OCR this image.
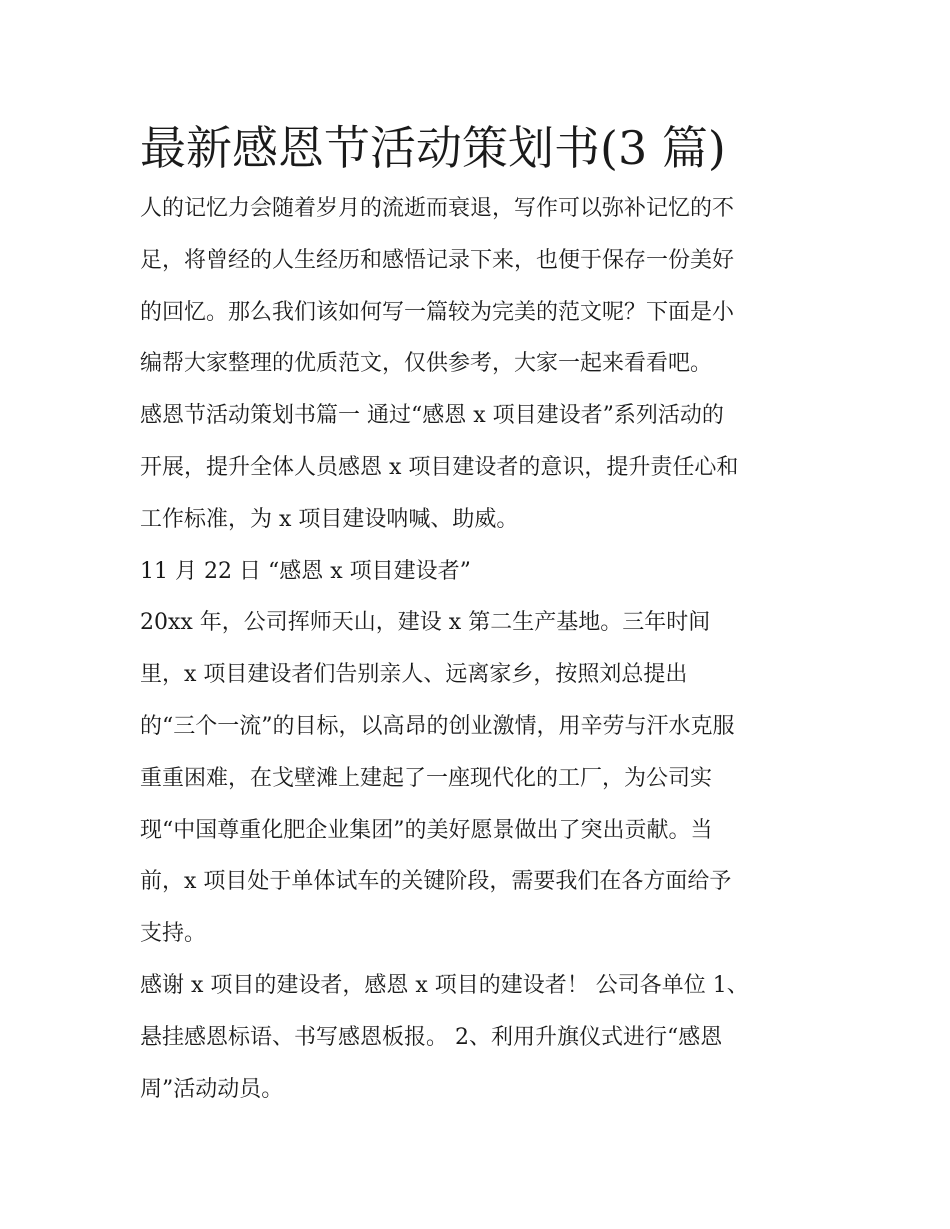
最新感恩节活动策划书(3 篇)
人的记忆力会随着岁月的流逝而衰退，写作可以弥补记忆的不
足，将曾经的人生经历和感悟记录下来，也便于保存一份美好
的回忆。那么我们该如何写一篇较为完美的范文呢？下面是小
编帮大家整理的优质范文，仅供参考，大家一起来看看吧。
感恩节活动策划书篇一 通过“感恩 x 项目建设者”系列活动的
开展，提升全体人员感恩 x 项目建设者的意识，提升责任心和
工作标准，为 x 项目建设呐喊、助威。
11 月 22 日 “感恩 x 项目建设者”
20xx 年，公司挥师天山，建设 x 第二生产基地。三年时间
里，x 项目建设者们告别亲人、远离家乡，按照刘总提出
的“三个一流”的目标，以高昂的创业激情，用辛劳与汗水克服
重重困难，在戈壁滩上建起了一座现代化的工厂，为公司实
现“中国尊重化肥企业集团”的美好愿景做出了突出贡献。当
前，x 项目处于单体试车的关键阶段，需要我们在各方面给予
支持。
感谢 x 项目的建设者，感恩 x 项目的建设者！ 公司各单位 1、
悬挂感恩标语、书写感恩板报。 2、利用升旗仪式进行“感恩
周”活动动员。
